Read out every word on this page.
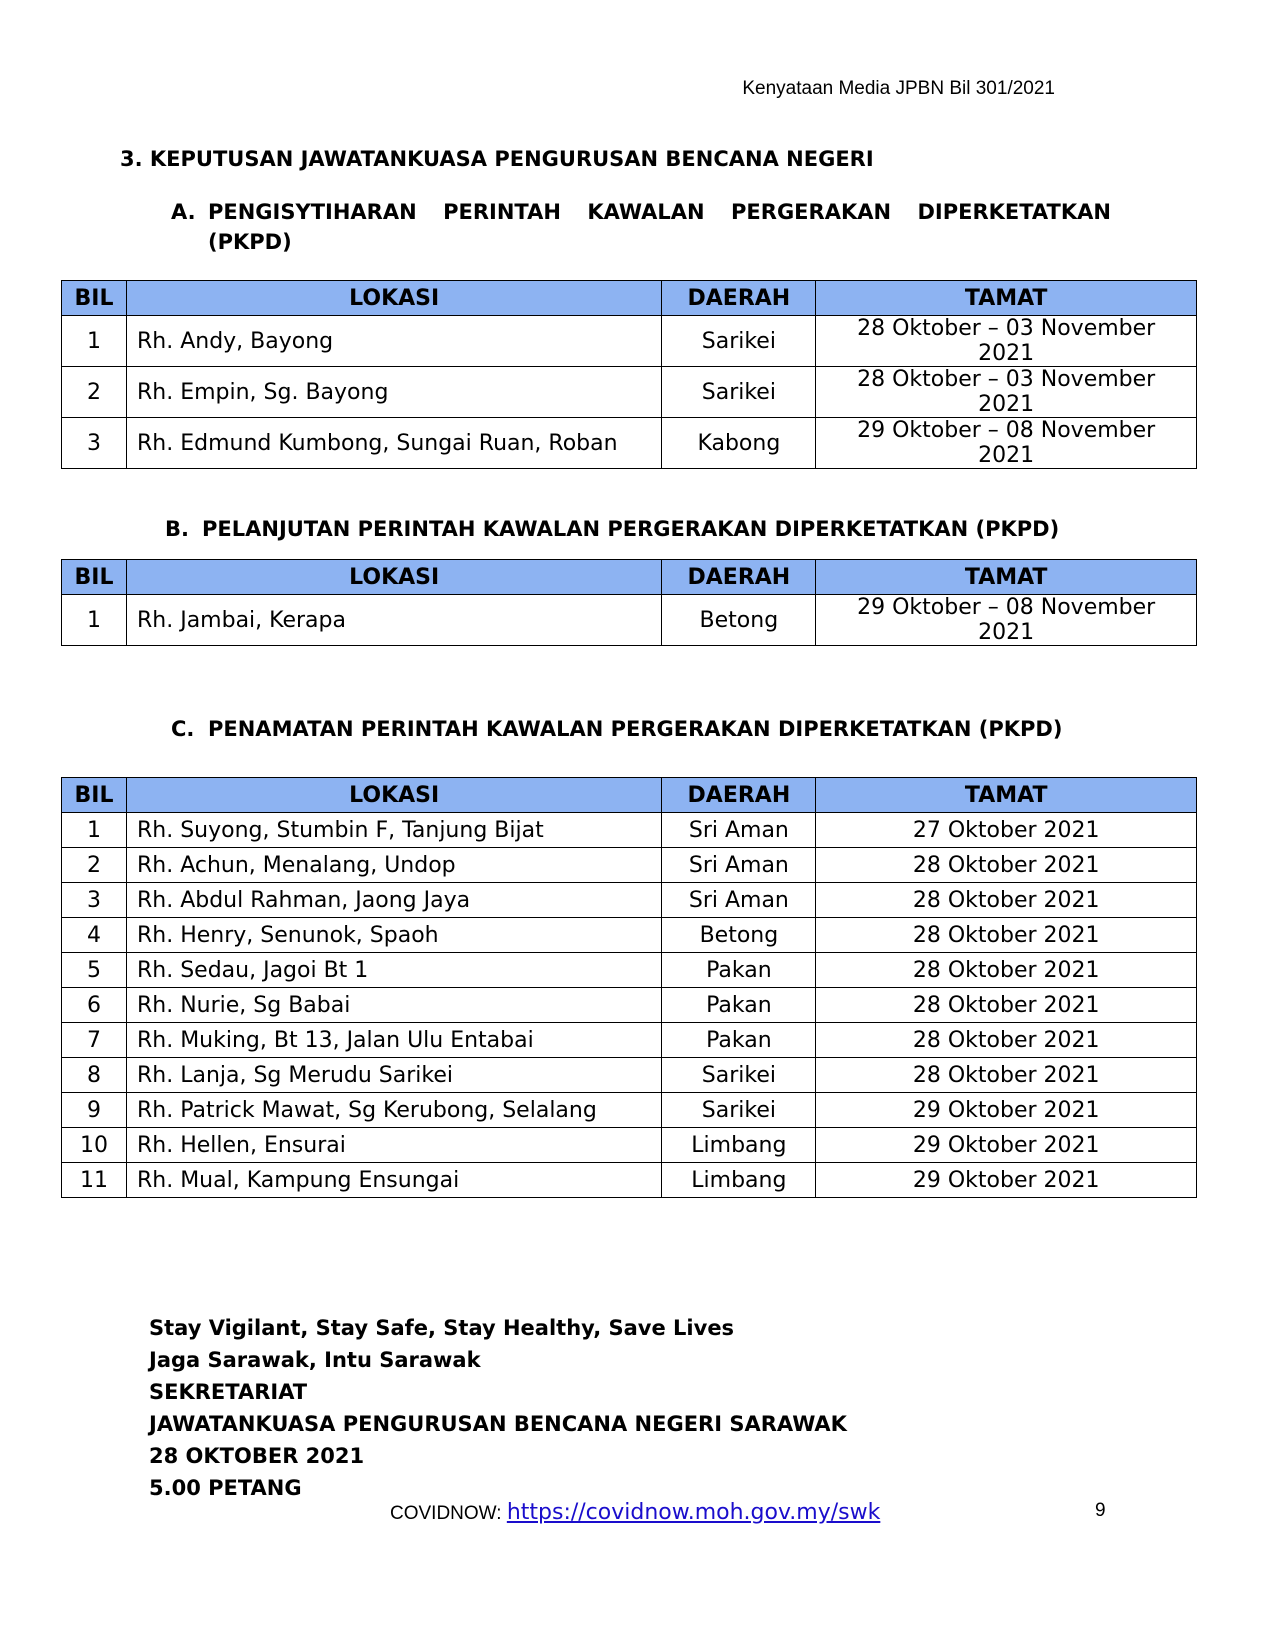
Kenyataan Media JPBN Bil 301/2021
3. KEPUTUSAN JAWATANKUASA PENGURUSAN BENCANA NEGERI
A. PENGISYTIHARAN PERINTAH KAWALAN PERGERAKAN DIPERKETATKAN
(PKPD)
BIL	LOKASI	DAERAH	TAMAT
1	Rh. Andy, Bayong	Sarikei	28 Oktober – 03 November 2021
2	Rh. Empin, Sg. Bayong	Sarikei	28 Oktober – 03 November 2021
3	Rh. Edmund Kumbong, Sungai Ruan, Roban	Kabong	29 Oktober – 08 November 2021
B. PELANJUTAN PERINTAH KAWALAN PERGERAKAN DIPERKETATKAN (PKPD)
BIL	LOKASI	DAERAH	TAMAT
1	Rh. Jambai, Kerapa	Betong	29 Oktober – 08 November 2021
C. PENAMATAN PERINTAH KAWALAN PERGERAKAN DIPERKETATKAN (PKPD)
BIL	LOKASI	DAERAH	TAMAT
1	Rh. Suyong, Stumbin F, Tanjung Bijat	Sri Aman	27 Oktober 2021
2	Rh. Achun, Menalang, Undop	Sri Aman	28 Oktober 2021
3	Rh. Abdul Rahman, Jaong Jaya	Sri Aman	28 Oktober 2021
4	Rh. Henry, Senunok, Spaoh	Betong	28 Oktober 2021
5	Rh. Sedau, Jagoi Bt 1	Pakan	28 Oktober 2021
6	Rh. Nurie, Sg Babai	Pakan	28 Oktober 2021
7	Rh. Muking, Bt 13, Jalan Ulu Entabai	Pakan	28 Oktober 2021
8	Rh. Lanja, Sg Merudu Sarikei	Sarikei	28 Oktober 2021
9	Rh. Patrick Mawat, Sg Kerubong, Selalang	Sarikei	29 Oktober 2021
10	Rh. Hellen, Ensurai	Limbang	29 Oktober 2021
11	Rh. Mual, Kampung Ensungai	Limbang	29 Oktober 2021
Stay Vigilant, Stay Safe, Stay Healthy, Save Lives
Jaga Sarawak, Intu Sarawak
SEKRETARIAT
JAWATANKUASA PENGURUSAN BENCANA NEGERI SARAWAK
28 OKTOBER 2021
5.00 PETANG
COVIDNOW: https://covidnow.moh.gov.my/swk	9
